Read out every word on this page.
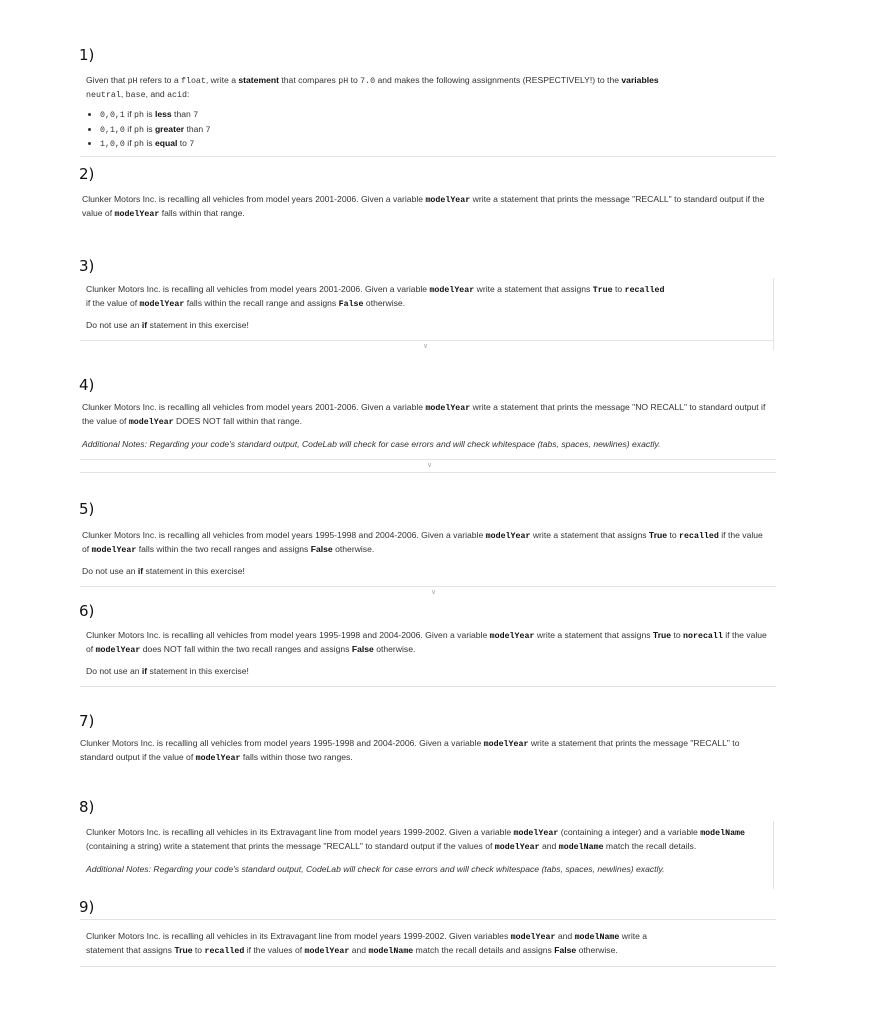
1)

Given that pH refers to a float, write a statement that compares pH to 7.0 and makes the following assignments (RESPECTIVELY!) to the variables
neutral, base, and acid:

• 0,0,1 if ph is less than 7
• 0,1,0 if ph is greater than 7
• 1,0,0 if ph is equal to 7
2)
Clunker Motors Inc. is recalling all vehicles from model years 2001-2006. Given a variable modelYear write a statement that prints the message "RECALL" to standard output if the value of modelYear falls within that range.
3)

Clunker Motors Inc. is recalling all vehicles from model years 2001-2006. Given a variable modelYear write a statement that assigns True to recalled
if the value of modelYear falls within the recall range and assigns False otherwise.

Do not use an if statement in this exercise!

∨
4)

Clunker Motors Inc. is recalling all vehicles from model years 2001-2006. Given a variable modelYear write a statement that prints the message "NO RECALL" to standard output if the value of modelYear DOES NOT fall within that range.

Additional Notes: Regarding your code's standard output, CodeLab will check for case errors and will check whitespace (tabs, spaces, newlines) exactly.

∨
5)

Clunker Motors Inc. is recalling all vehicles from model years 1995-1998 and 2004-2006. Given a variable modelYear write a statement that assigns True to recalled if the value of modelYear falls within the two recall ranges and assigns False otherwise.

Do not use an if statement in this exercise!

∨
6)

Clunker Motors Inc. is recalling all vehicles from model years 1995-1998 and 2004-2006. Given a variable modelYear write a statement that assigns True to norecall if the value of modelYear does NOT fall within the two recall ranges and assigns False otherwise.

Do not use an if statement in this exercise!

7)
Clunker Motors Inc. is recalling all vehicles from model years 1995-1998 and 2004-2006. Given a variable modelYear write a statement that prints the message "RECALL" to standard output if the value of modelYear falls within those two ranges.
8)

Clunker Motors Inc. is recalling all vehicles in its Extravagant line from model years 1999-2002. Given a variable modelYear (containing a integer) and a variable modelName (containing a string) write a statement that prints the message "RECALL" to standard output if the values of modelYear and modelName match the recall details.

Additional Notes: Regarding your code's standard output, CodeLab will check for case errors and will check whitespace (tabs, spaces, newlines) exactly.

9)
Clunker Motors Inc. is recalling all vehicles in its Extravagant line from model years 1999-2002. Given variables modelYear and modelName write a
statement that assigns True to recalled if the values of modelYear and modelName match the recall details and assigns False otherwise.
